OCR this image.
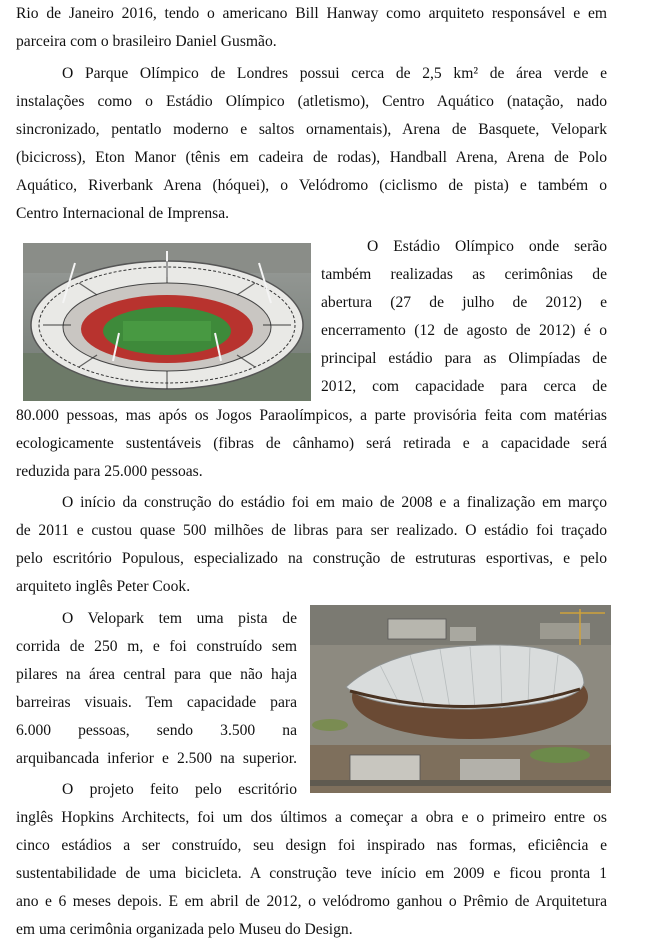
Rio de Janeiro 2016, tendo o americano Bill Hanway como arquiteto responsável e em
parceira com o brasileiro Daniel Gusmão.
O Parque Olímpico de Londres possui cerca de 2,5 km² de área verde e
instalações como o Estádio Olímpico (atletismo), Centro Aquático (natação, nado
sincronizado, pentatlo moderno e saltos ornamentais), Arena de Basquete, Velopark
(bicicross), Eton Manor (tênis em cadeira de rodas), Handball Arena, Arena de Polo
Aquático, Riverbank Arena (hóquei), o Velódromo (ciclismo de pista) e também o
Centro Internacional de Imprensa.
O Estádio Olímpico onde serão
também realizadas as cerimônias de
abertura (27 de julho de 2012) e
encerramento (12 de agosto de 2012) é o
principal estádio para as Olimpíadas de
2012, com capacidade para cerca de
80.000 pessoas, mas após os Jogos Paraolímpicos, a parte provisória feita com matérias
ecologicamente sustentáveis (fibras de cânhamo) será retirada e a capacidade será
reduzida para 25.000 pessoas.
O início da construção do estádio foi em maio de 2008 e a finalização em março
de 2011 e custou quase 500 milhões de libras para ser realizado. O estádio foi traçado
pelo escritório Populous, especializado na construção de estruturas esportivas, e pelo
arquiteto inglês Peter Cook.
O Velopark tem uma pista de
corrida de 250 m, e foi construído sem
pilares na área central para que não haja
barreiras visuais. Tem capacidade para
6.000 pessoas, sendo 3.500 na
arquibancada inferior e 2.500 na superior.
O projeto feito pelo escritório
inglês Hopkins Architects, foi um dos últimos a começar a obra e o primeiro entre os
cinco estádios a ser construído, seu design foi inspirado nas formas, eficiência e
sustentabilidade de uma bicicleta. A construção teve início em 2009 e ficou pronta 1
ano e 6 meses depois. E em abril de 2012, o velódromo ganhou o Prêmio de Arquitetura
em uma cerimônia organizada pelo Museu do Design.
